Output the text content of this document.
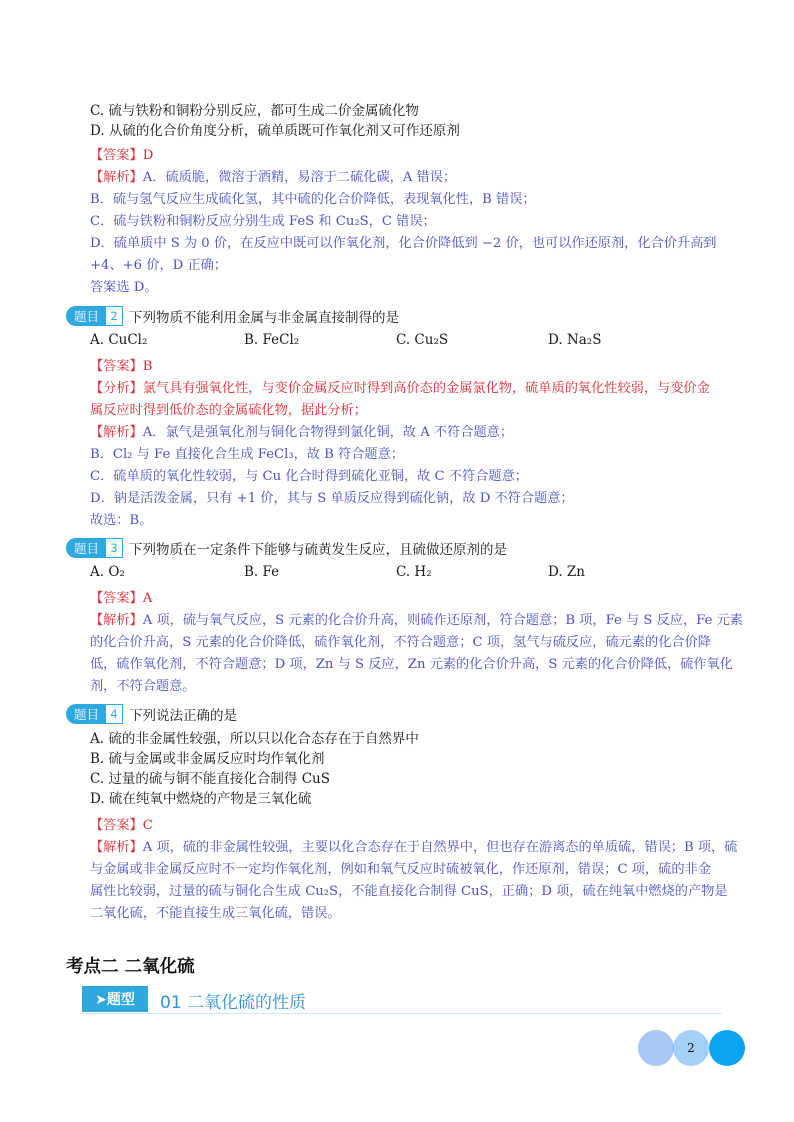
C. 硫与铁粉和铜粉分别反应，都可生成二价金属硫化物
D. 从硫的化合价角度分析，硫单质既可作氧化剂又可作还原剂
【答案】D
【解析】A．硫质脆，微溶于酒精，易溶于二硫化碳，A 错误；
B．硫与氢气反应生成硫化氢，其中硫的化合价降低，表现氧化性，B 错误；
C．硫与铁粉和铜粉反应分别生成 FeS 和 Cu₂S，C 错误；
D．硫单质中 S 为 0 价，在反应中既可以作氧化剂，化合价降低到 −2 价，也可以作还原剂，化合价升高到
+4、+6 价，D 正确；
答案选 D。
题目 2 下列物质不能利用金属与非金属直接制得的是
A. CuCl₂	B. FeCl₂	C. Cu₂S	D. Na₂S
【答案】B
【分析】氯气具有强氧化性，与变价金属反应时得到高价态的金属氯化物，硫单质的氧化性较弱，与变价金
属反应时得到低价态的金属硫化物，据此分析；
【解析】A．氯气是强氧化剂与铜化合物得到氯化铜，故 A 不符合题意；
B．Cl₂ 与 Fe 直接化合生成 FeCl₃，故 B 符合题意；
C．硫单质的氧化性较弱，与 Cu 化合时得到硫化亚铜，故 C 不符合题意；
D．钠是活泼金属，只有 +1 价，其与 S 单质反应得到硫化钠，故 D 不符合题意；
故选：B。
题目 3 下列物质在一定条件下能够与硫黄发生反应，且硫做还原剂的是
A. O₂	B. Fe	C. H₂	D. Zn
【答案】A
【解析】A 项，硫与氧气反应，S 元素的化合价升高，则硫作还原剂，符合题意；B 项，Fe 与 S 反应，Fe 元素
的化合价升高，S 元素的化合价降低，硫作氧化剂，不符合题意；C 项，氢气与硫反应，硫元素的化合价降
低，硫作氧化剂，不符合题意；D 项，Zn 与 S 反应，Zn 元素的化合价升高，S 元素的化合价降低，硫作氧化
剂，不符合题意。
题目 4 下列说法正确的是
A. 硫的非金属性较强，所以只以化合态存在于自然界中
B. 硫与金属或非金属反应时均作氧化剂
C. 过量的硫与铜不能直接化合制得 CuS
D. 硫在纯氧中燃烧的产物是三氧化硫
【答案】C
【解析】A 项，硫的非金属性较强，主要以化合态存在于自然界中，但也存在游离态的单质硫，错误；B 项，硫
与金属或非金属反应时不一定均作氧化剂，例如和氧气反应时硫被氧化，作还原剂，错误；C 项，硫的非金
属性比较弱，过量的硫与铜化合生成 Cu₂S，不能直接化合制得 CuS，正确；D 项，硫在纯氧中燃烧的产物是
二氧化硫，不能直接生成三氧化硫，错误。
考点二 二氧化硫
➤题型	01 二氧化硫的性质
2
